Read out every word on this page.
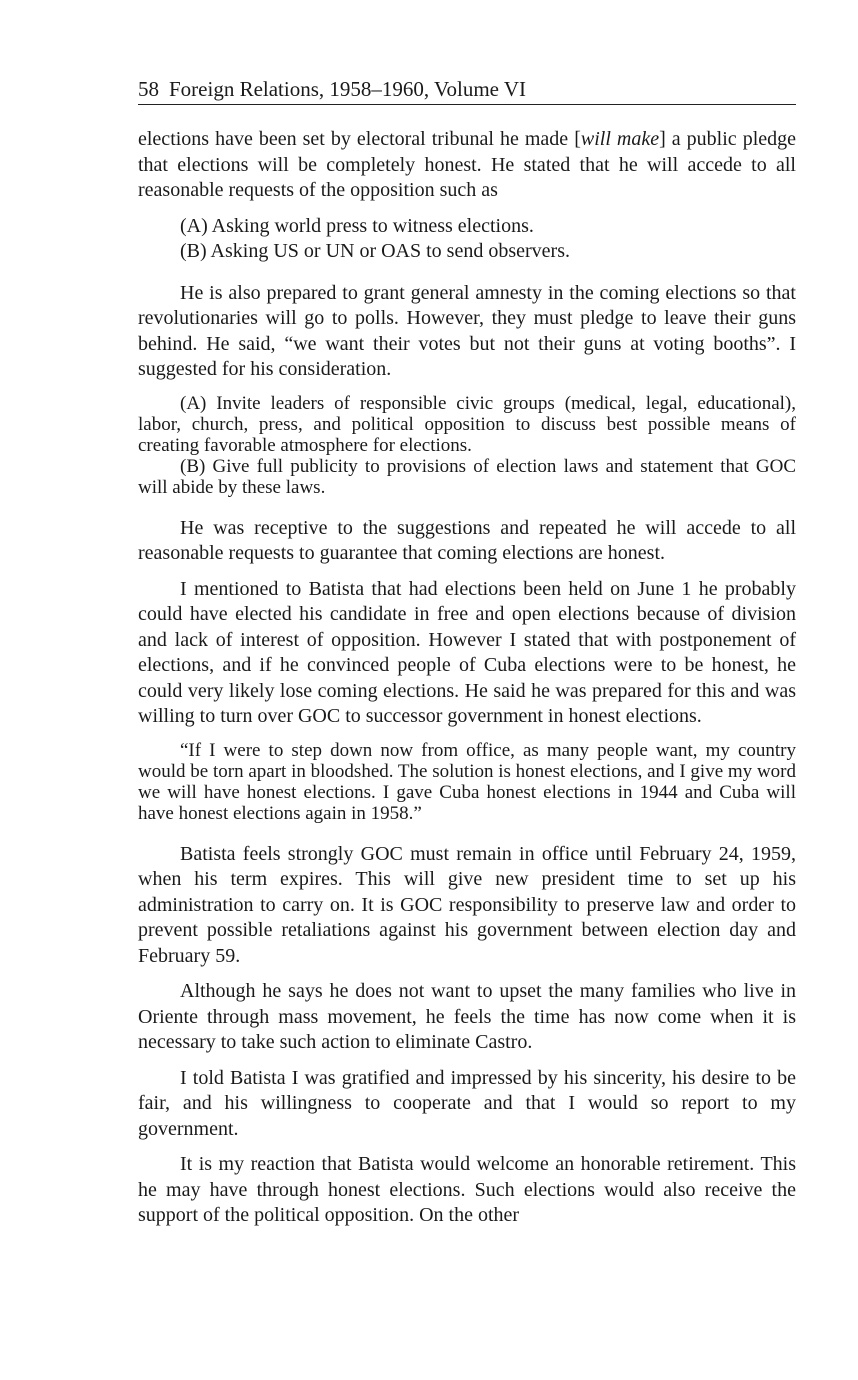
58 Foreign Relations, 1958–1960, Volume VI

elections have been set by electoral tribunal he made [will make] a public pledge that elections will be completely honest. He stated that he will accede to all reasonable requests of the opposition such as

(A) Asking world press to witness elections.
(B) Asking US or UN or OAS to send observers.

He is also prepared to grant general amnesty in the coming elections so that revolutionaries will go to polls. However, they must pledge to leave their guns behind. He said, “we want their votes but not their guns at voting booths”. I suggested for his consideration.

(A) Invite leaders of responsible civic groups (medical, legal, educational), labor, church, press, and political opposition to discuss best possible means of creating favorable atmosphere for elections.

(B) Give full publicity to provisions of election laws and statement that GOC will abide by these laws.

He was receptive to the suggestions and repeated he will accede to all reasonable requests to guarantee that coming elections are honest.

I mentioned to Batista that had elections been held on June 1 he probably could have elected his candidate in free and open elections because of division and lack of interest of opposition. However I stated that with postponement of elections, and if he convinced people of Cuba elections were to be honest, he could very likely lose coming elections. He said he was prepared for this and was willing to turn over GOC to successor government in honest elections.

“If I were to step down now from office, as many people want, my country would be torn apart in bloodshed. The solution is honest elections, and I give my word we will have honest elections. I gave Cuba honest elections in 1944 and Cuba will have honest elections again in 1958.”

Batista feels strongly GOC must remain in office until February 24, 1959, when his term expires. This will give new president time to set up his administration to carry on. It is GOC responsibility to preserve law and order to prevent possible retaliations against his government between election day and February 59.

Although he says he does not want to upset the many families who live in Oriente through mass movement, he feels the time has now come when it is necessary to take such action to eliminate Castro.

I told Batista I was gratified and impressed by his sincerity, his desire to be fair, and his willingness to cooperate and that I would so report to my government.

It is my reaction that Batista would welcome an honorable retirement. This he may have through honest elections. Such elections would also receive the support of the political opposition. On the other
